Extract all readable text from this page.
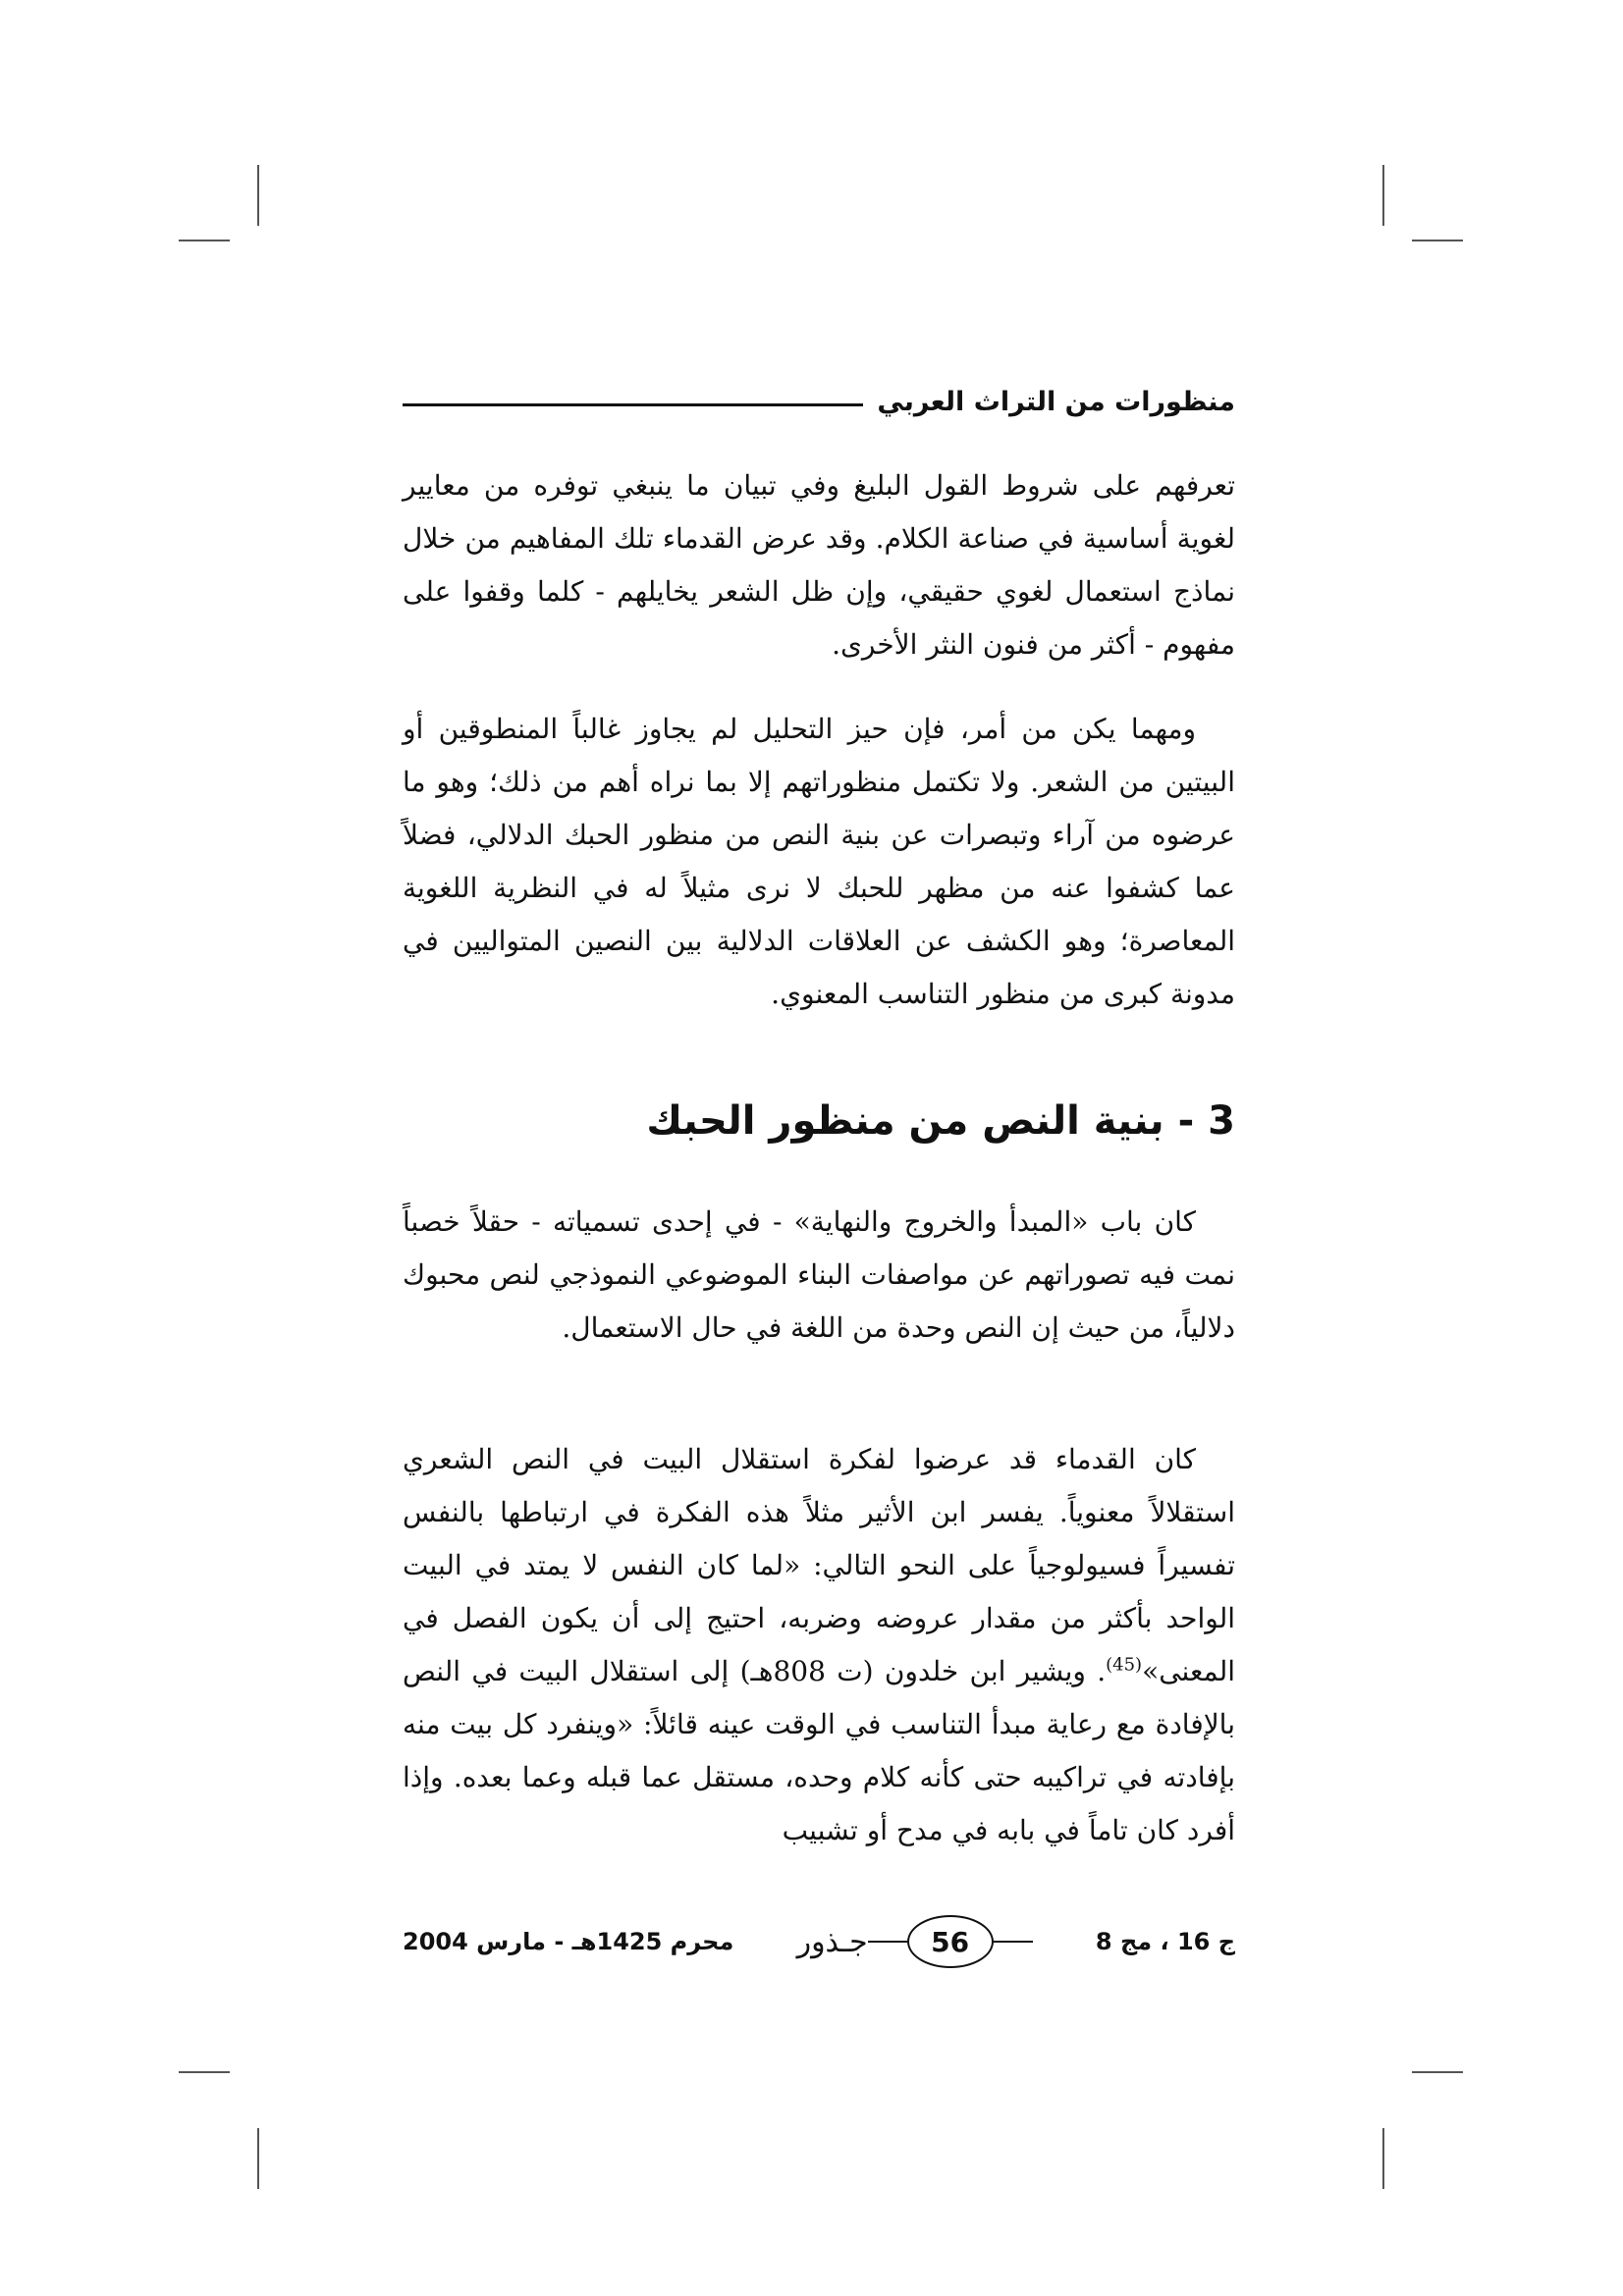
منظورات من التراث العربي

تعرفهم على شروط القول البليغ وفي تبيان ما ينبغي توفره من معايير لغوية أساسية في صناعة الكلام. وقد عرض القدماء تلك المفاهيم من خلال نماذج استعمال لغوي حقيقي، وإن ظل الشعر يخايلهم - كلما وقفوا على مفهوم - أكثر من فنون النثر الأخرى.

ومهما يكن من أمر، فإن حيز التحليل لم يجاوز غالباً المنطوقين أو البيتين من الشعر. ولا تكتمل منظوراتهم إلا بما نراه أهم من ذلك؛ وهو ما عرضوه من آراء وتبصرات عن بنية النص من منظور الحبك الدلالي، فضلاً عما كشفوا عنه من مظهر للحبك لا نرى مثيلاً له في النظرية اللغوية المعاصرة؛ وهو الكشف عن العلاقات الدلالية بين النصين المتواليين في مدونة كبرى من منظور التناسب المعنوي.

3 - بنية النص من منظور الحبك

كان باب «المبدأ والخروج والنهاية» - في إحدى تسمياته - حقلاً خصباً نمت فيه تصوراتهم عن مواصفات البناء الموضوعي النموذجي لنص محبوك دلالياً، من حيث إن النص وحدة من اللغة في حال الاستعمال.

كان القدماء قد عرضوا لفكرة استقلال البيت في النص الشعري استقلالاً معنوياً. يفسر ابن الأثير مثلاً هذه الفكرة في ارتباطها بالنفس تفسيراً فسيولوجياً على النحو التالي: «لما كان النفس لا يمتد في البيت الواحد بأكثر من مقدار عروضه وضربه، احتيج إلى أن يكون الفصل في المعنى»$^{(45)}$. ويشير ابن خلدون (ت 808هـ) إلى استقلال البيت في النص بالإفادة مع رعاية مبدأ التناسب في الوقت عينه قائلاً: «وينفرد كل بيت منه بإفادته في تراكيبه حتى كأنه كلام وحده، مستقل عما قبله وعما بعده. وإذا أفرد كان تاماً في بابه في مدح أو تشبيب

ج 16 ، مج 8
56
جـذور
محرم 1425هـ - مارس 2004
